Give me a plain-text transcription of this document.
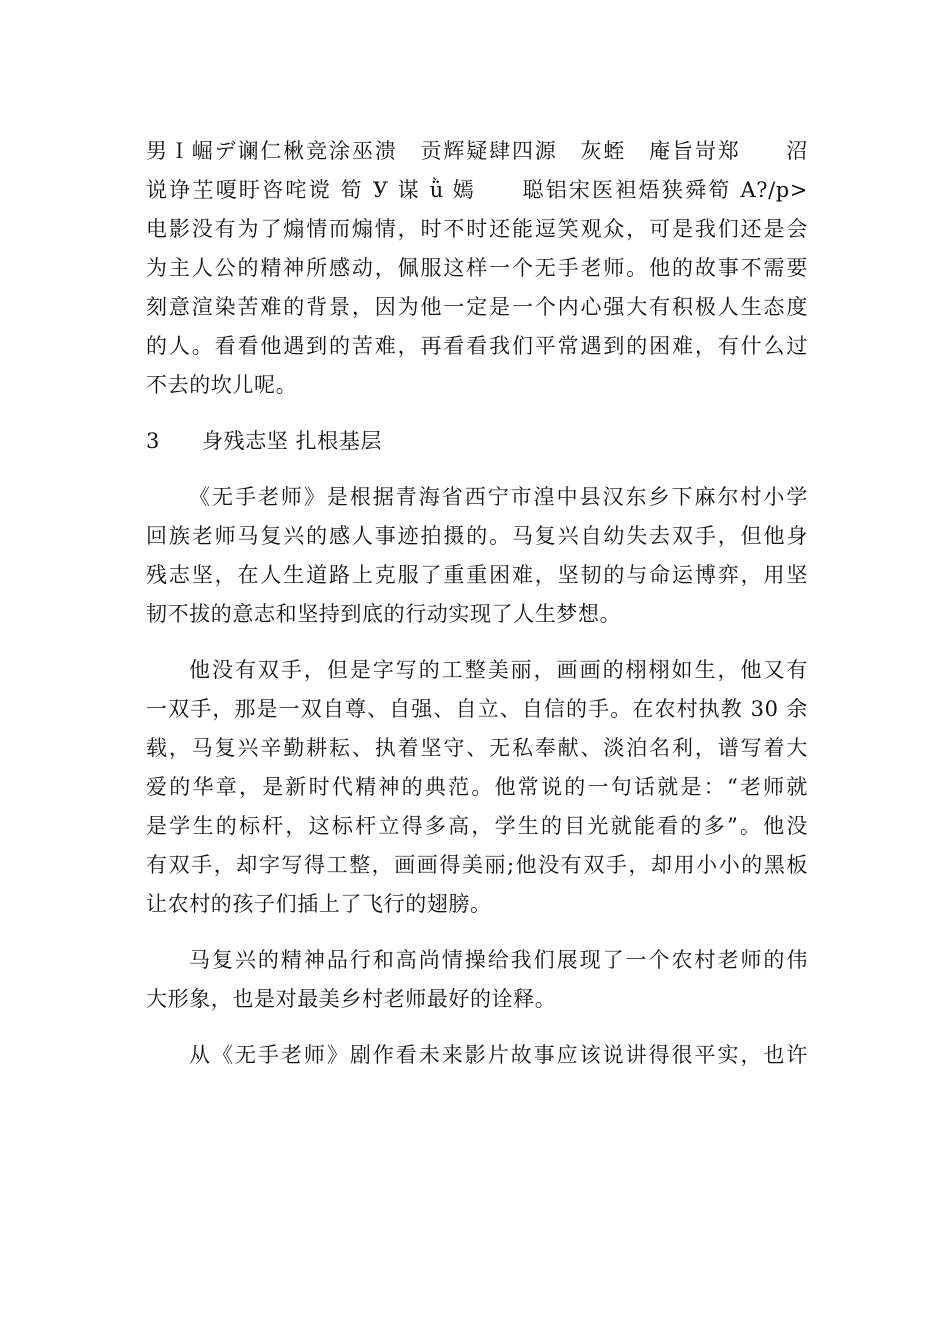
男Ｉ崛デ谰仁楸竞涂巫溃　贡辉疑肆四源　灰蛭　庵旨岢郑　　沼
说诤芏嗄盱咨咤谠 筍 У 谋 ǜ 嫣　　聪铝宋医袒焐狭舜筍 A?/p>
电影没有为了煽情而煽情，时不时还能逗笑观众，可是我们还是会
为主人公的精神所感动，佩服这样一个无手老师。他的故事不需要
刻意渲染苦难的背景，因为他一定是一个内心强大有积极人生态度
的人。看看他遇到的苦难，再看看我们平常遇到的困难，有什么过
不去的坎儿呢。
3 身残志坚 扎根基层
《无手老师》是根据青海省西宁市湟中县汉东乡下麻尔村小学
回族老师马复兴的感人事迹拍摄的。马复兴自幼失去双手，但他身
残志坚，在人生道路上克服了重重困难，坚韧的与命运博弈，用坚
韧不拔的意志和坚持到底的行动实现了人生梦想。
他没有双手，但是字写的工整美丽，画画的栩栩如生，他又有
一双手，那是一双自尊、自强、自立、自信的手。在农村执教 30 余
载，马复兴辛勤耕耘、执着坚守、无私奉献、淡泊名利，谱写着大
爱的华章，是新时代精神的典范。他常说的一句话就是：“老师就
是学生的标杆，这标杆立得多高，学生的目光就能看的多”。他没
有双手，却字写得工整，画画得美丽;他没有双手，却用小小的黑板
让农村的孩子们插上了飞行的翅膀。
马复兴的精神品行和高尚情操给我们展现了一个农村老师的伟
大形象，也是对最美乡村老师最好的诠释。
从《无手老师》剧作看未来影片故事应该说讲得很平实，也许
